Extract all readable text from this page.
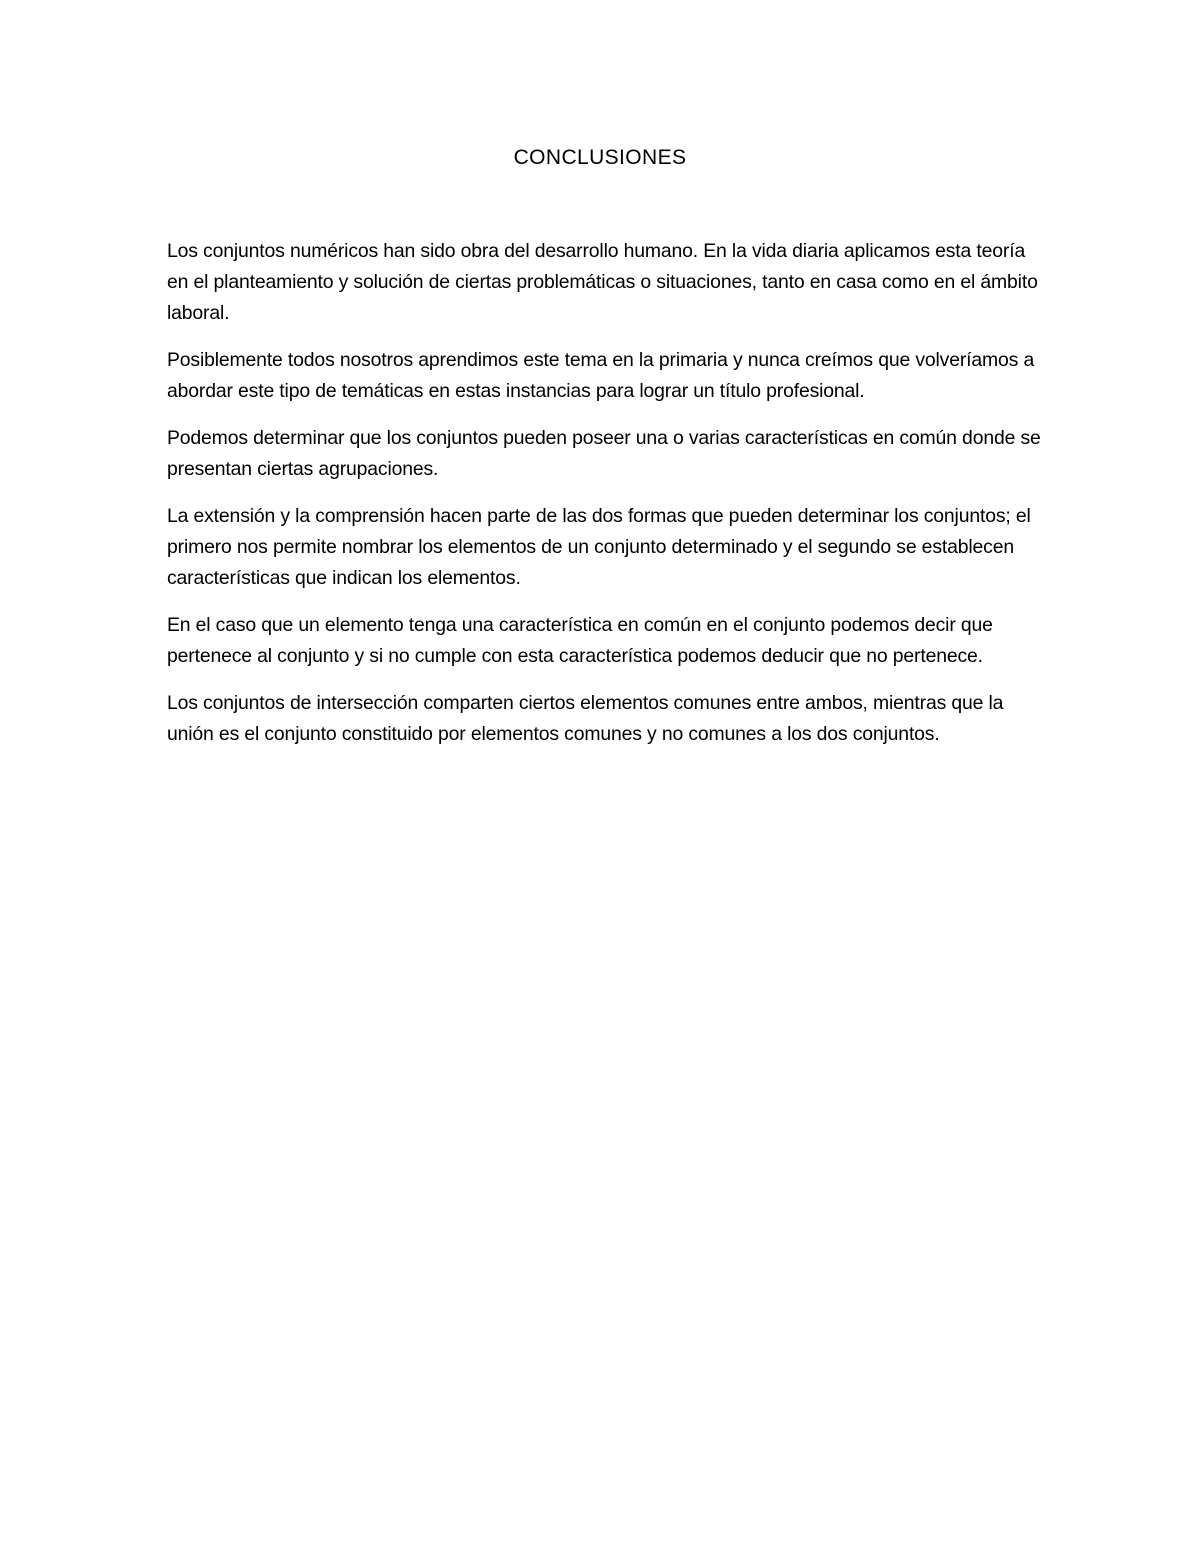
CONCLUSIONES

Los conjuntos numéricos han sido obra del desarrollo humano. En la vida diaria aplicamos esta teoría en el planteamiento y solución de ciertas problemáticas o situaciones, tanto en casa como en el ámbito laboral.

Posiblemente todos nosotros aprendimos este tema en la primaria y nunca creímos que volveríamos a abordar este tipo de temáticas en estas instancias para lograr un título profesional.

Podemos determinar que los conjuntos pueden poseer una o varias características en común donde se presentan ciertas agrupaciones.

La extensión y la comprensión hacen parte de las dos formas que pueden determinar los conjuntos; el primero nos permite nombrar los elementos de un conjunto determinado y el segundo se establecen características que indican los elementos.

En el caso que un elemento tenga una característica en común en el conjunto podemos decir que pertenece al conjunto y si no cumple con esta característica podemos deducir que no pertenece.

Los conjuntos de intersección comparten ciertos elementos comunes entre ambos, mientras que la unión es el conjunto constituido por elementos comunes y no comunes a los dos conjuntos.
